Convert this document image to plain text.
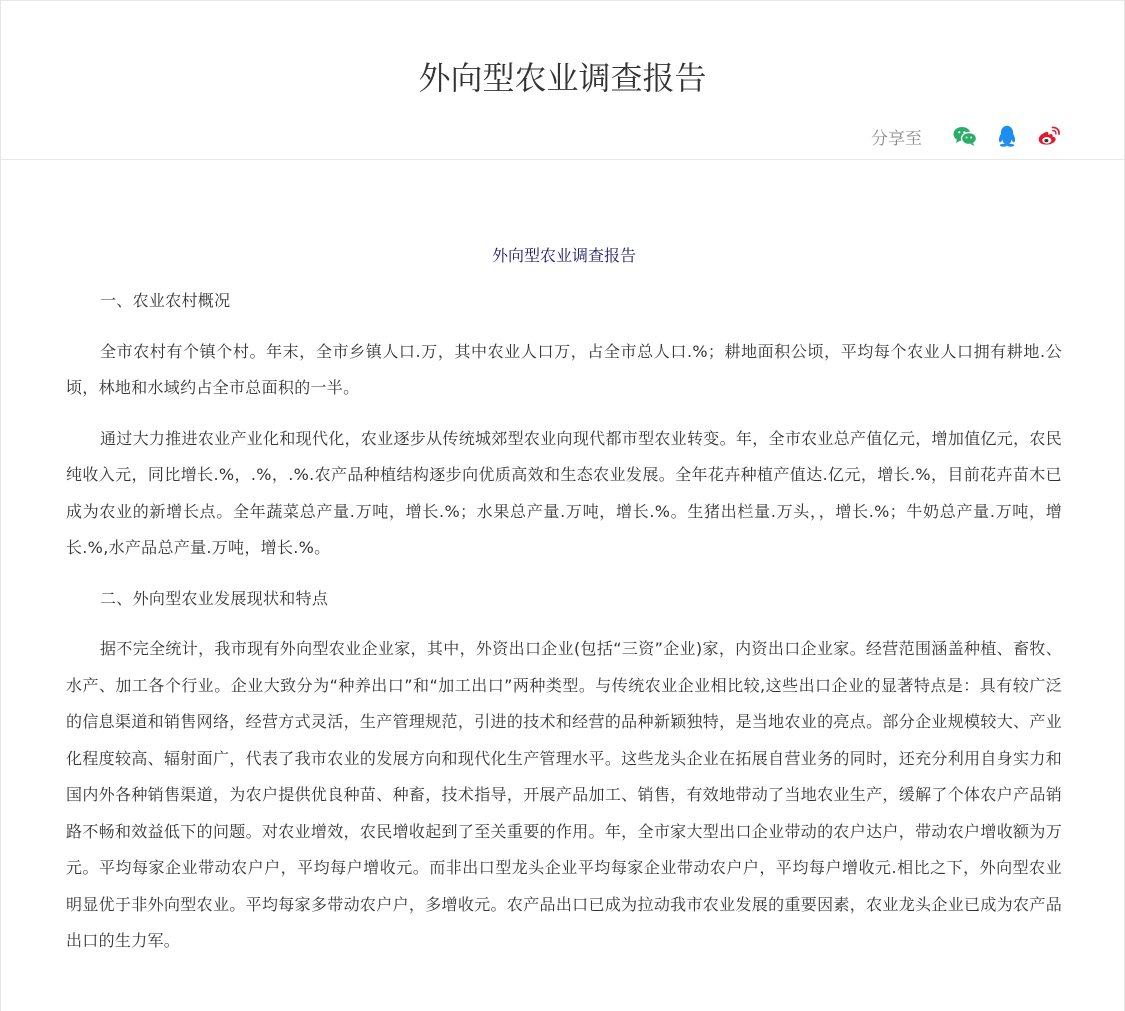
外向型农业调查报告
分享至
外向型农业调查报告

一、农业农村概况

全市农村有个镇个村。年末，全市乡镇人口.万，其中农业人口万，占全市总人口.%；耕地面积公顷，平均每个农业人口拥有耕地.公顷，林地和水域约占全市总面积的一半。

通过大力推进农业产业化和现代化，农业逐步从传统城郊型农业向现代都市型农业转变。年，全市农业总产值亿元，增加值亿元，农民纯收入元，同比增长.%，.%，.%.农产品种植结构逐步向优质高效和生态农业发展。全年花卉种植产值达.亿元，增长.%，目前花卉苗木已成为农业的新增长点。全年蔬菜总产量.万吨，增长.%；水果总产量.万吨，增长.%。生猪出栏量.万头，，增长.%；牛奶总产量.万吨，增长.%,水产品总产量.万吨，增长.%。

二、外向型农业发展现状和特点

据不完全统计，我市现有外向型农业企业家，其中，外资出口企业(包括“三资”企业)家，内资出口企业家。经营范围涵盖种植、畜牧、水产、加工各个行业。企业大致分为“种养出口”和“加工出口”两种类型。与传统农业企业相比较,这些出口企业的显著特点是：具有较广泛的信息渠道和销售网络，经营方式灵活，生产管理规范，引进的技术和经营的品种新颖独特，是当地农业的亮点。部分企业规模较大、产业化程度较高、辐射面广，代表了我市农业的发展方向和现代化生产管理水平。这些龙头企业在拓展自营业务的同时，还充分利用自身实力和国内外各种销售渠道，为农户提供优良种苗、种畜，技术指导，开展产品加工、销售，有效地带动了当地农业生产，缓解了个体农户产品销路不畅和效益低下的问题。对农业增效，农民增收起到了至关重要的作用。年，全市家大型出口企业带动的农户达户，带动农户增收额为万元。平均每家企业带动农户户，平均每户增收元。而非出口型龙头企业平均每家企业带动农户户，平均每户增收元.相比之下，外向型农业明显优于非外向型农业。平均每家多带动农户户，多增收元。农产品出口已成为拉动我市农业发展的重要因素，农业龙头企业已成为农产品出口的生力军。
